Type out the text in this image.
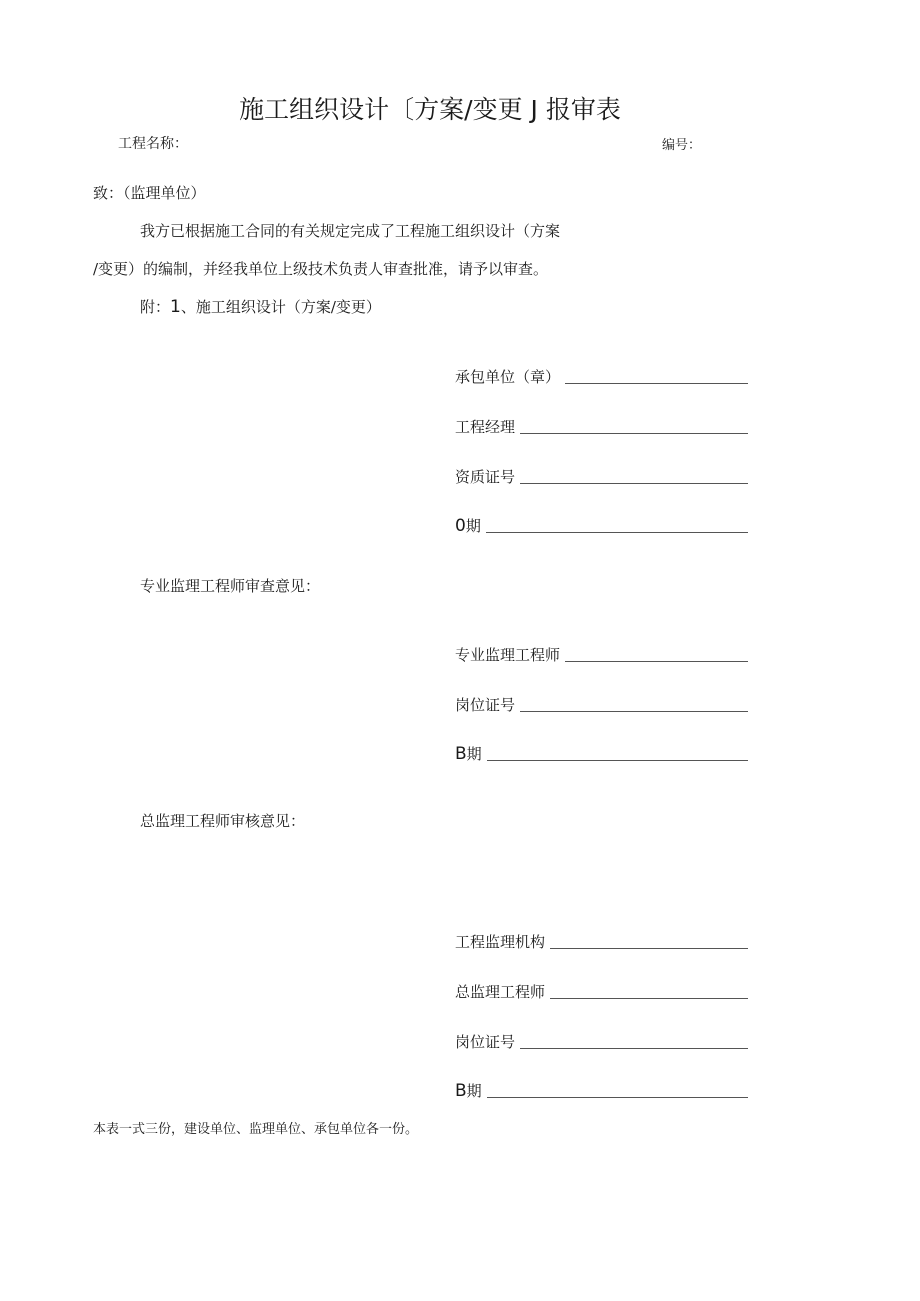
施工组织设计〔方案/变更 J 报审表
工程名称：	编号：
致：（监理单位）
我方已根据施工合同的有关规定完成了工程施工组织设计（方案
/变更）的编制，并经我单位上级技术负责人审查批准，请予以审查。
附：1、施工组织设计（方案/变更）
承包单位（章）
工程经理
资质证号
0 期
专业监理工程师审查意见：
专业监理工程师
岗位证号
B 期
总监理工程师审核意见：
工程监理机构
总监理工程师
岗位证号
B 期
本表一式三份，建设单位、监理单位、承包单位各一份。
